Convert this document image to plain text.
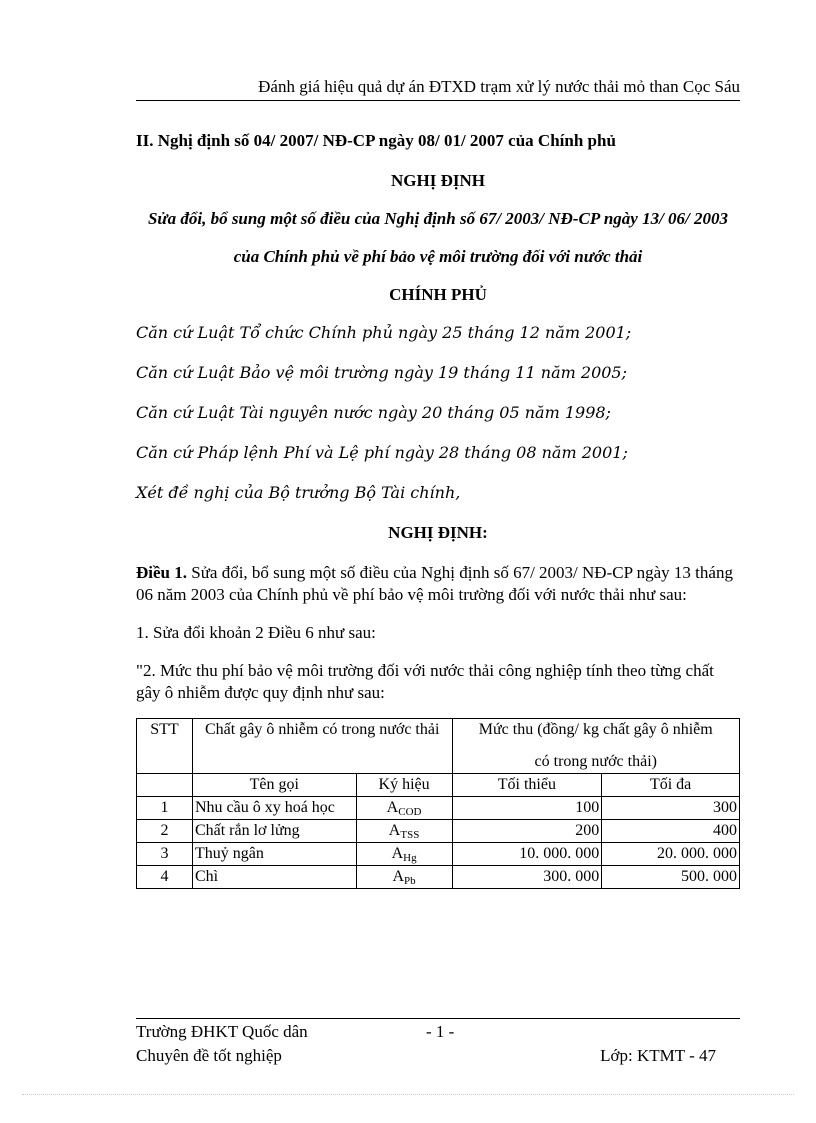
Đánh giá hiệu quả dự án ĐTXD trạm xử lý nước thải mỏ than Cọc Sáu

II. Nghị định số 04/ 2007/ NĐ-CP ngày 08/ 01/ 2007 của Chính phủ

NGHỊ ĐỊNH

Sửa đổi, bổ sung một số điều của Nghị định số 67/ 2003/ NĐ-CP ngày 13/ 06/ 2003

của Chính phủ về phí bảo vệ môi trường đối với nước thải

CHÍNH PHỦ

Căn cứ Luật Tổ chức Chính phủ ngày 25 tháng 12 năm 2001;

Căn cứ Luật Bảo vệ môi trường ngày 19 tháng 11 năm 2005;

Căn cứ Luật Tài nguyên nước ngày 20 tháng 05 năm 1998;

Căn cứ Pháp lệnh Phí và Lệ phí ngày 28 tháng 08 năm 2001;

Xét đề nghị của Bộ trưởng Bộ Tài chính,

NGHỊ ĐỊNH:

Điều 1. Sửa đổi, bổ sung một số điều của Nghị định số 67/ 2003/ NĐ-CP ngày 13 tháng 06 năm 2003 của Chính phủ về phí bảo vệ môi trường đối với nước thải như sau:

1. Sửa đổi khoản 2 Điều 6 như sau:

"2. Mức thu phí bảo vệ môi trường đối với nước thải công nghiệp tính theo từng chất gây ô nhiễm được quy định như sau:

STT	Chất gây ô nhiễm có trong nước thải		Mức thu (đồng/ kg chất gây ô nhiễm
có trong nước thải)	

	Tên gọi	Ký hiệu	Tối thiểu	Tối đa
1	Nhu cầu ô xy hoá học	$A_{COD}$	100	300
2	Chất rắn lơ lửng	$A_{TSS}$	200	400
3	Thuỷ ngân	$A_{Hg}$	10. 000. 000	20. 000. 000
4	Chì	$A_{Pb}$	300. 000	500. 000
Trường ĐHKT Quốc dân	- 1 -
Chuyên đề tốt nghiệp	Lớp: KTMT - 47
